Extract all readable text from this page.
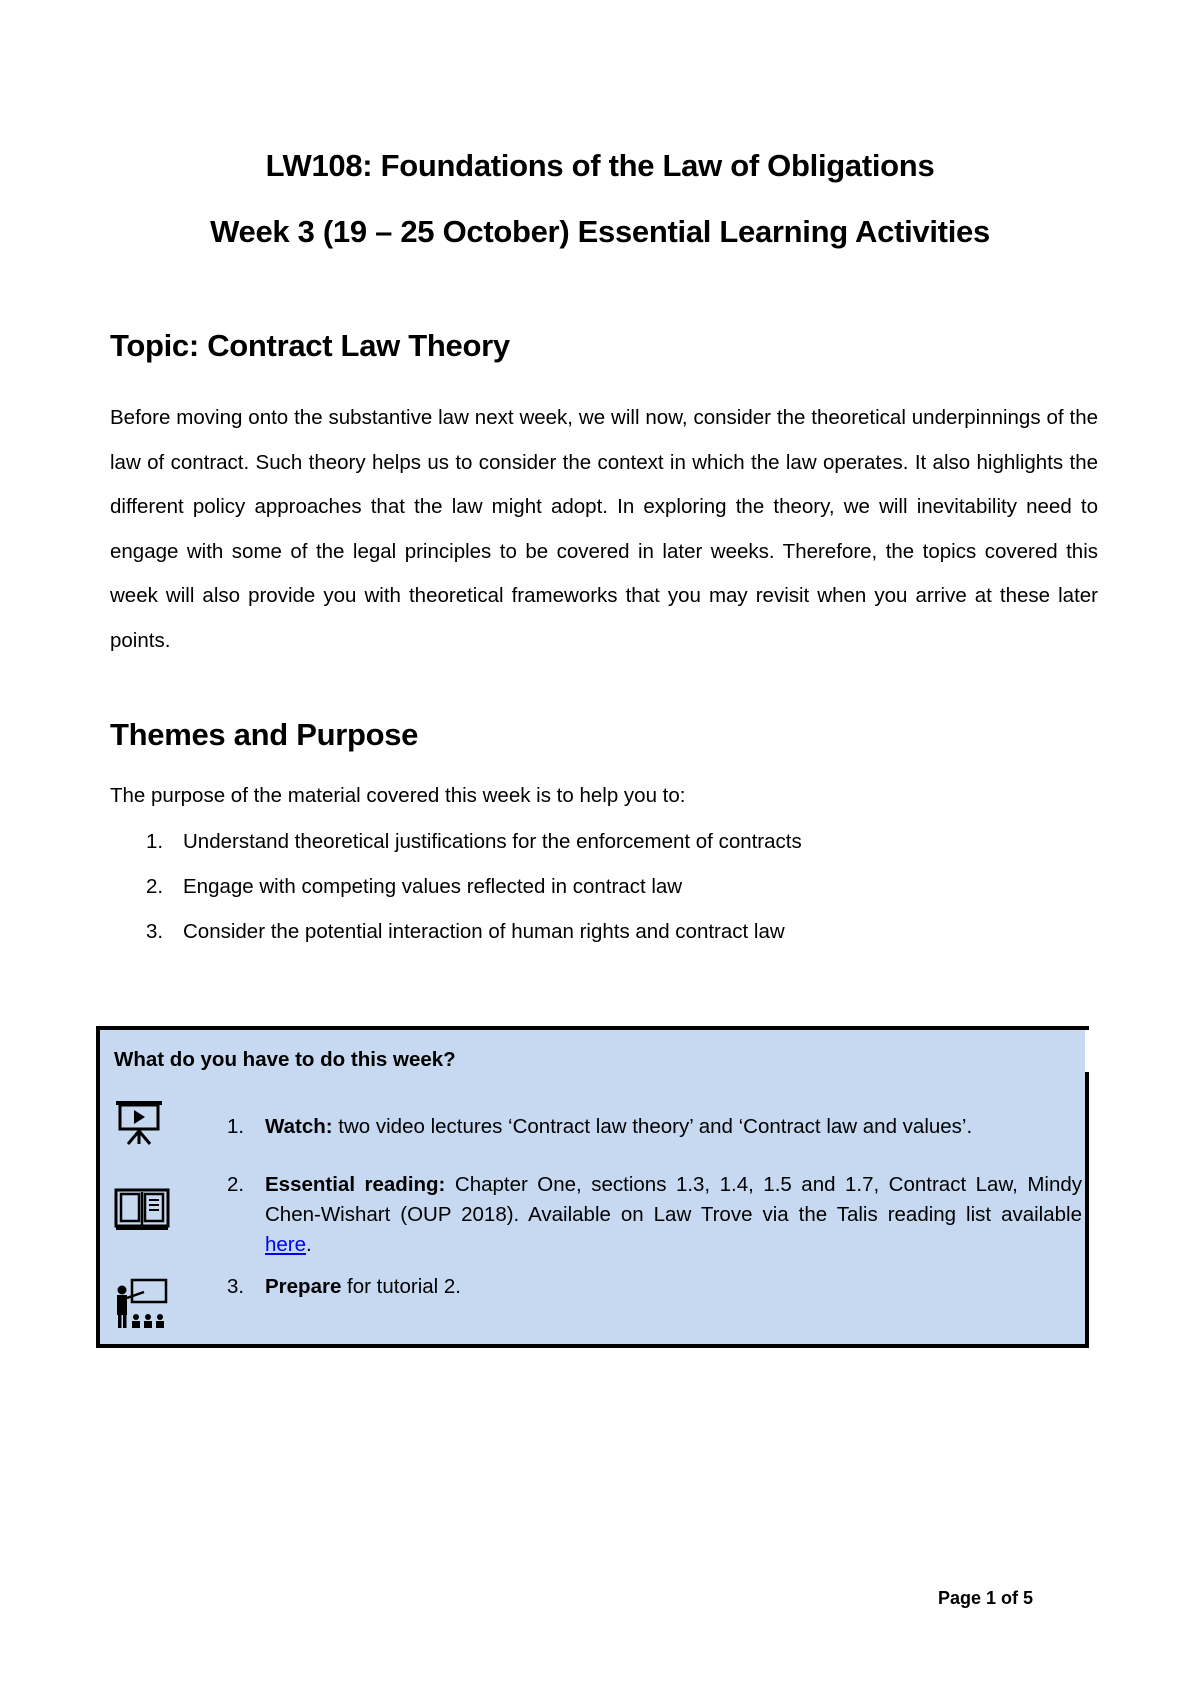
LW108: Foundations of the Law of Obligations
Week 3 (19 – 25 October) Essential Learning Activities
Topic: Contract Law Theory
Before moving onto the substantive law next week, we will now, consider the theoretical underpinnings of the law of contract. Such theory helps us to consider the context in which the law operates. It also highlights the different policy approaches that the law might adopt. In exploring the theory, we will inevitability need to engage with some of the legal principles to be covered in later weeks. Therefore, the topics covered this week will also provide you with theoretical frameworks that you may revisit when you arrive at these later points.
Themes and Purpose
The purpose of the material covered this week is to help you to:
1. Understand theoretical justifications for the enforcement of contracts
2. Engage with competing values reflected in contract law
3. Consider the potential interaction of human rights and contract law
What do you have to do this week?
1. Watch: two video lectures ‘Contract law theory’ and ‘Contract law and values’.
2. Essential reading: Chapter One, sections 1.3, 1.4, 1.5 and 1.7, Contract Law, Mindy Chen-Wishart (OUP 2018). Available on Law Trove via the Talis reading list available here.
3. Prepare for tutorial 2.
Page 1 of 5
